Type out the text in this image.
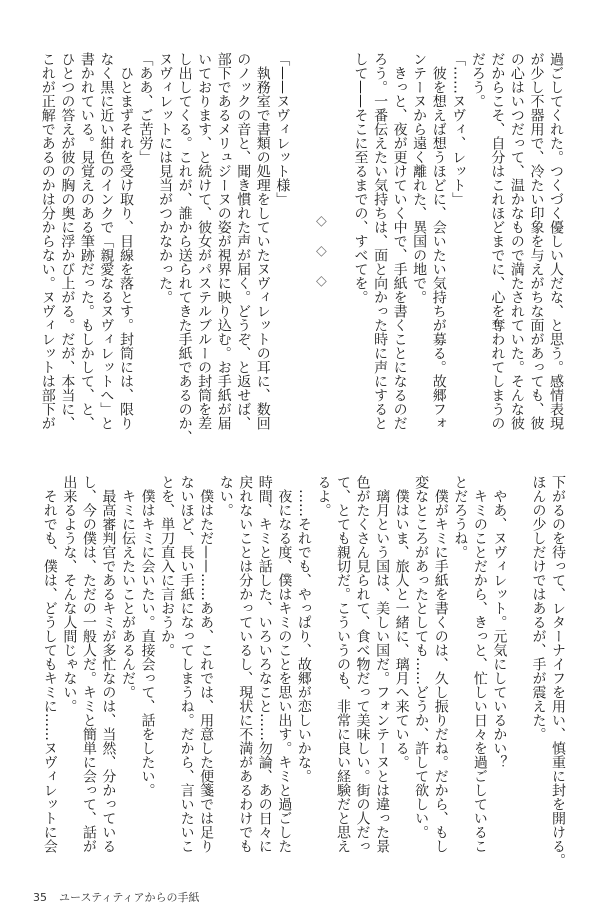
過ごしてくれた。つくづく優しい人だな、と思う。感情表現
が少し不器用で、冷たい印象を与えがちな面があっても、彼
の心はいつだって、温かなもので満たされていた。そんな彼
だからこそ、自分はこれほどまでに、心を奪われてしまうの
だろう。
「……ヌヴィ、レット」
　彼を想えば想うほどに、会いたい気持ちが募る。故郷フォ
ンテーヌから遠く離れた、異国の地で。
　きっと、夜が更けていく中で、手紙を書くことになるのだ
ろう。一番伝えたい気持ちは、面と向かった時に声にすると
して——そこに至るまでの、すべてを。
◇　◇　◇
「——ヌヴィレット様」
　執務室で書類の処理をしていたヌヴィレットの耳に、数回
のノックの音と、聞き慣れた声が届く。どうぞ、と返せば、
部下であるメリュジーヌの姿が視界に映り込む。お手紙が届
いております、と続けて、彼女がパステルブルーの封筒を差
し出してくる。これが、誰から送られてきた手紙であるのか、
ヌヴィレットには見当がつかなかった。
「ああ、ご苦労」
　ひとまずそれを受け取り、目線を落とす。封筒には、限り
なく黒に近い紺色のインクで「親愛なるヌヴィレットへ」と
書かれている。見覚えのある筆跡だった。もしかして、と、
ひとつの答えが彼の胸の奥に浮かび上がる。だが、本当に、
これが正解であるのかは分からない。ヌヴィレットは部下が
下がるのを待って、レターナイフを用い、慎重に封を開ける。
ほんの少しだけではあるが、手が震えた。
　やあ、ヌヴィレット。元気にしているかい？
　キミのことだから、きっと、忙しい日々を過ごしているこ
とだろうね。
　僕がキミに手紙を書くのは、久し振りだね。だから、もし
変なところがあったとしても……どうか、許して欲しい。
　僕はいま、旅人と一緒に、璃月へ来ている。
　璃月という国は、美しい国だ。フォンテーヌとは違った景
色がたくさん見られて、食べ物だって美味しい。街の人だっ
て、とても親切だ。こういうのも、非常に良い経験だと思え
るよ。
　……それでも、やっぱり、故郷が恋しいかな。
　夜になる度、僕はキミのことを思い出す。キミと過ごした
時間、キミと話した、いろいろなこと……勿論、あの日々に
戻れないことは分かっているし、現状に不満があるわけでも
ない。
　僕はただ——……ああ、これでは、用意した便箋では足り
ないほど、長い手紙になってしまうね。だから、言いたいこ
とを、単刀直入に言おうか。
　僕はキミに会いたい。直接会って、話をしたい。
　キミに伝えたいことがあるんだ。
　最高審判官であるキミが多忙なのは、当然、分かっている
し、今の僕は、ただの一般人だ。キミと簡単に会って、話が
出来るような、そんな人間じゃない。
　それでも、僕は、どうしてもキミに……ヌヴィレットに会
35 ユースティティアからの手紙
